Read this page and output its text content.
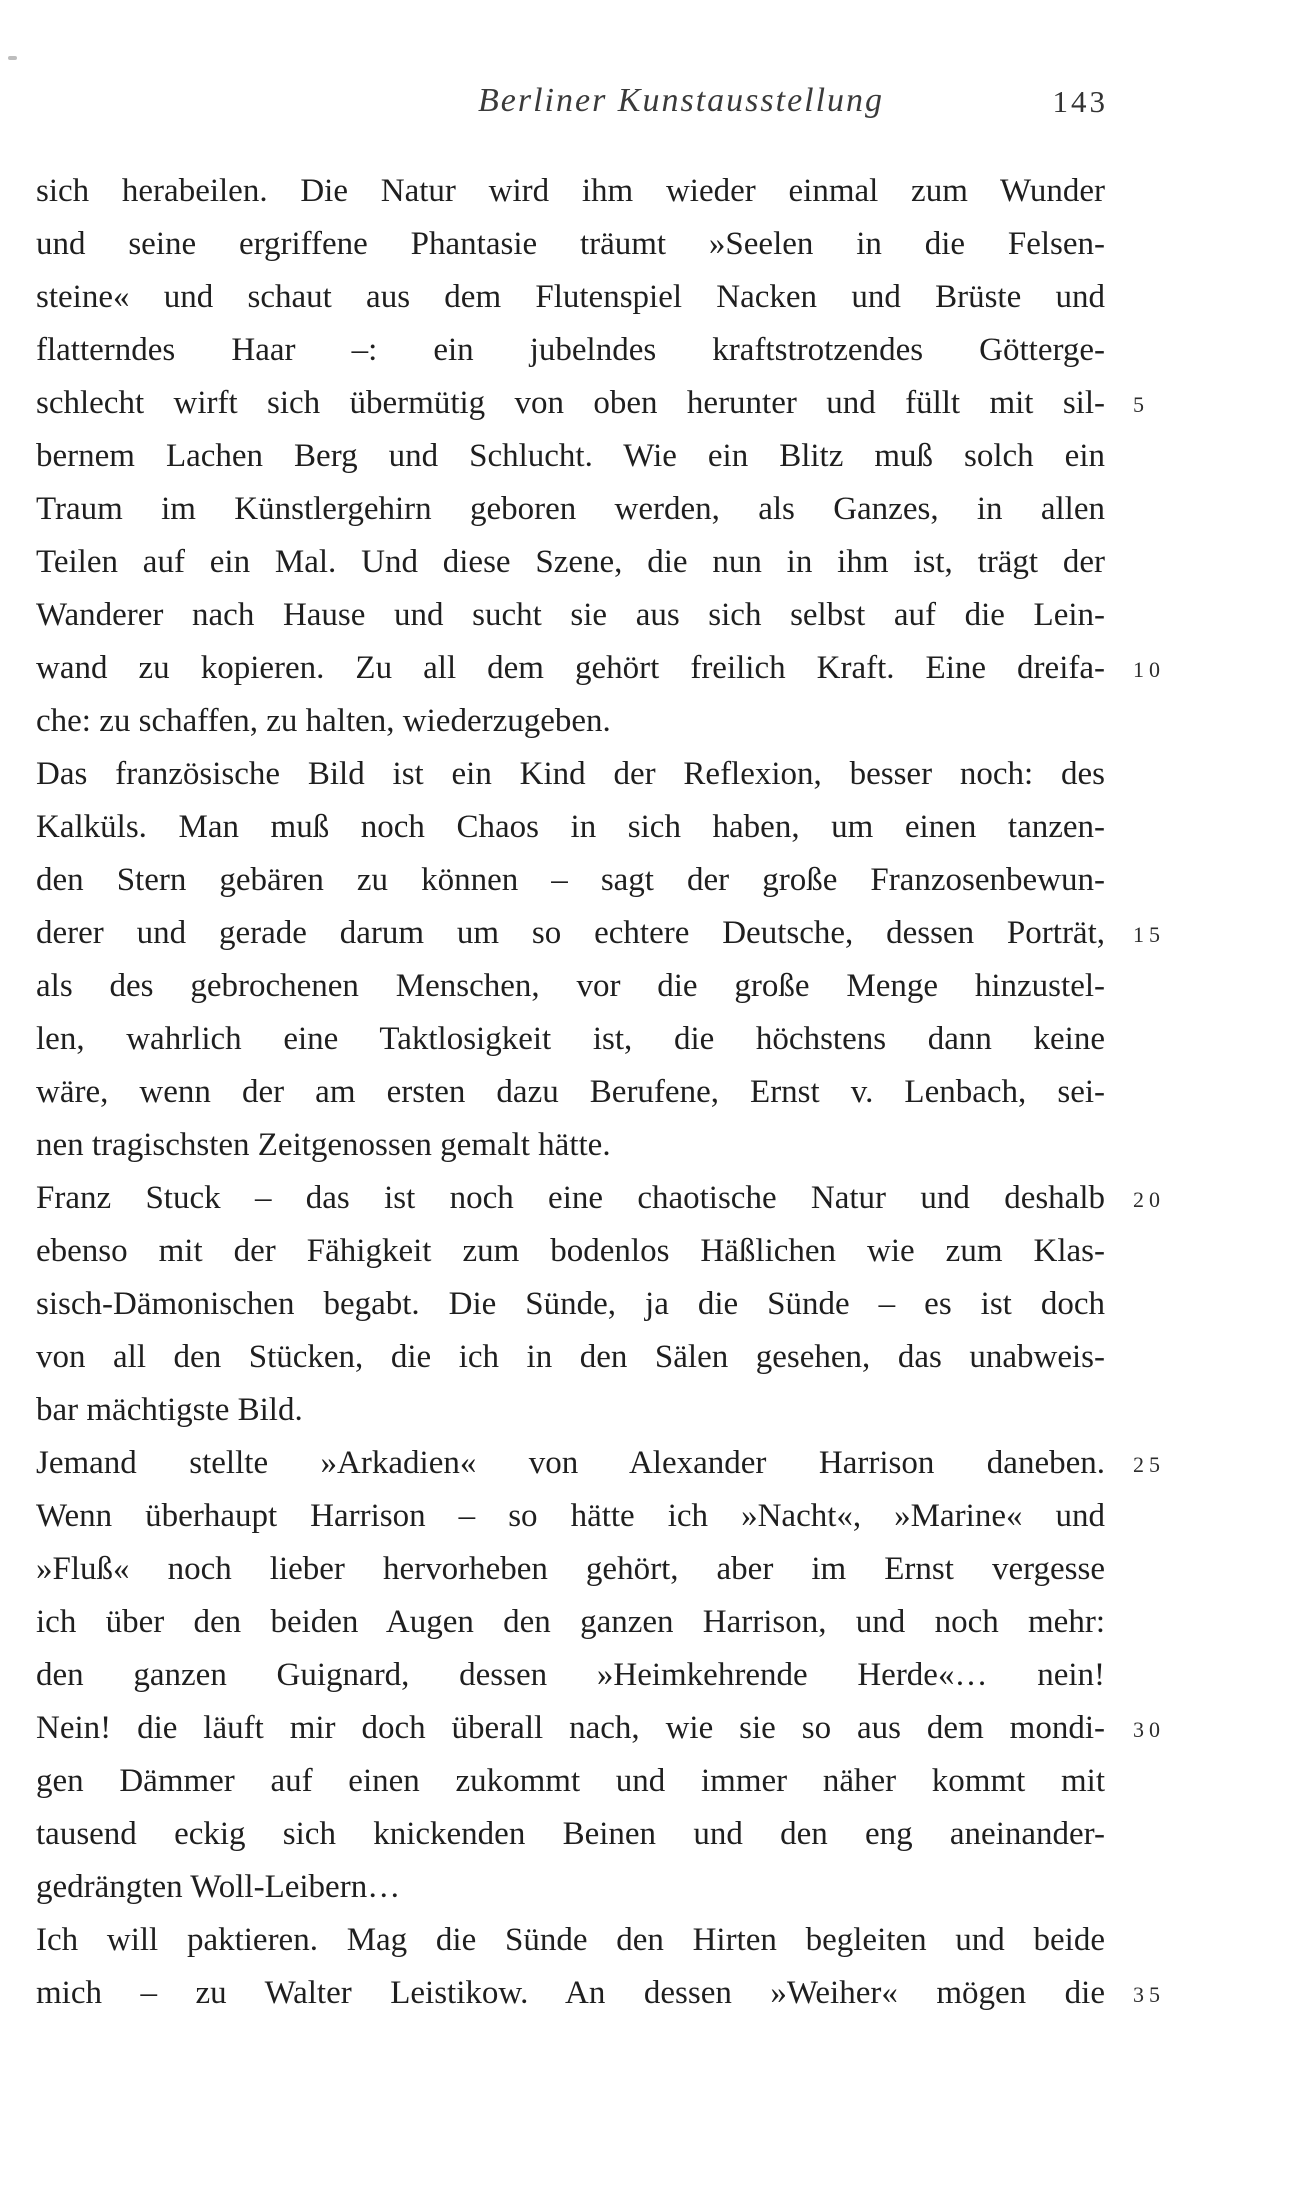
Berliner Kunstausstellung	143
sich herabeilen. Die Natur wird ihm wieder einmal zum Wunder
und seine ergriffene Phantasie träumt »Seelen in die Felsen-
steine« und schaut aus dem Flutenspiel Nacken und Brüste und
flatterndes Haar –: ein jubelndes kraftstrotzendes Götterge-
schlecht wirft sich übermütig von oben herunter und füllt mit sil- 5
bernem Lachen Berg und Schlucht. Wie ein Blitz muß solch ein
Traum im Künstlergehirn geboren werden, als Ganzes, in allen
Teilen auf ein Mal. Und diese Szene, die nun in ihm ist, trägt der
Wanderer nach Hause und sucht sie aus sich selbst auf die Lein-
wand zu kopieren. Zu all dem gehört freilich Kraft. Eine dreifa- 10
che: zu schaffen, zu halten, wiederzugeben.
Das französische Bild ist ein Kind der Reflexion, besser noch: des
Kalküls. Man muß noch Chaos in sich haben, um einen tanzen-
den Stern gebären zu können – sagt der große Franzosenbewun-
derer und gerade darum um so echtere Deutsche, dessen Porträt, 15
als des gebrochenen Menschen, vor die große Menge hinzustel-
len, wahrlich eine Taktlosigkeit ist, die höchstens dann keine
wäre, wenn der am ersten dazu Berufene, Ernst v. Lenbach, sei-
nen tragischsten Zeitgenossen gemalt hätte.
Franz Stuck – das ist noch eine chaotische Natur und deshalb 20
ebenso mit der Fähigkeit zum bodenlos Häßlichen wie zum Klas-
sisch-Dämonischen begabt. Die Sünde, ja die Sünde – es ist doch
von all den Stücken, die ich in den Sälen gesehen, das unabweis-
bar mächtigste Bild.
Jemand stellte »Arkadien« von Alexander Harrison daneben. 25
Wenn überhaupt Harrison – so hätte ich »Nacht«, »Marine« und
»Fluß« noch lieber hervorheben gehört, aber im Ernst vergesse
ich über den beiden Augen den ganzen Harrison, und noch mehr:
den ganzen Guignard, dessen »Heimkehrende Herde«… nein!
Nein! die läuft mir doch überall nach, wie sie so aus dem mondi- 30
gen Dämmer auf einen zukommt und immer näher kommt mit
tausend eckig sich knickenden Beinen und den eng aneinander-
gedrängten Woll-Leibern…
Ich will paktieren. Mag die Sünde den Hirten begleiten und beide
mich – zu Walter Leistikow. An dessen »Weiher« mögen die 35
